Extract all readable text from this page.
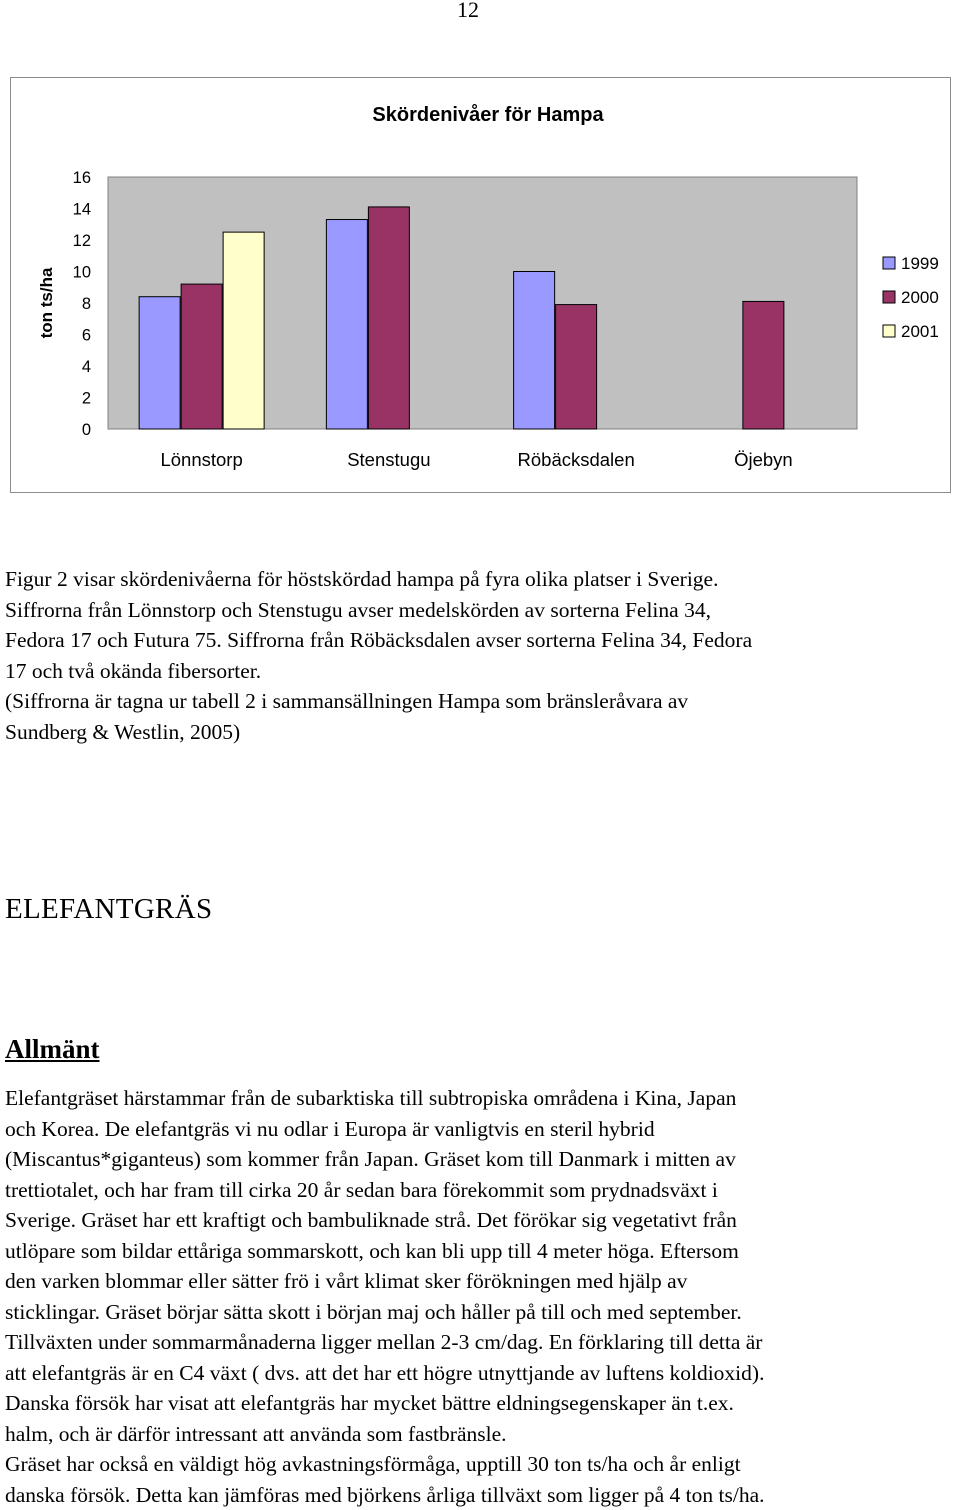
12
Skördenivåer för Hampa
0
2
4
6
8
10
12
14
16
ton ts/ha
Lönnstorp	Stenstugu	Röbäcksdalen	Öjebyn
1999
2000
2001

Figur 2 visar skördenivåerna för höstskördad hampa på fyra olika platser i Sverige.
Siffrorna från Lönnstorp och Stenstugu avser medelskörden av sorterna Felina 34,
Fedora 17 och Futura 75. Siffrorna från Röbäcksdalen avser sorterna Felina 34, Fedora
17 och två okända fibersorter.
(Siffrorna är tagna ur tabell 2 i sammansällningen Hampa som bränsleråvara av
Sundberg & Westlin, 2005)

ELEFANTGRÄS
Allmänt

Elefantgräset härstammar från de subarktiska till subtropiska områdena i Kina, Japan
och Korea. De elefantgräs vi nu odlar i Europa är vanligtvis en steril hybrid
(Miscantus*giganteus) som kommer från Japan. Gräset kom till Danmark i mitten av
trettiotalet, och har fram till cirka 20 år sedan bara förekommit som prydnadsväxt i
Sverige. Gräset har ett kraftigt och bambuliknade strå. Det förökar sig vegetativt från
utlöpare som bildar ettåriga sommarskott, och kan bli upp till 4 meter höga. Eftersom
den varken blommar eller sätter frö i vårt klimat sker förökningen med hjälp av
sticklingar. Gräset börjar sätta skott i början maj och håller på till och med september.
Tillväxten under sommarmånaderna ligger mellan 2-3 cm/dag. En förklaring till detta är
att elefantgräs är en C4 växt ( dvs. att det har ett högre utnyttjande av luftens koldioxid).
Danska försök har visat att elefantgräs har mycket bättre eldningsegenskaper än t.ex.
halm, och är därför intressant att använda som fastbränsle.
Gräset har också en väldigt hög avkastningsförmåga, upptill 30 ton ts/ha och år enligt
danska försök. Detta kan jämföras med björkens årliga tillväxt som ligger på 4 ton ts/ha.
